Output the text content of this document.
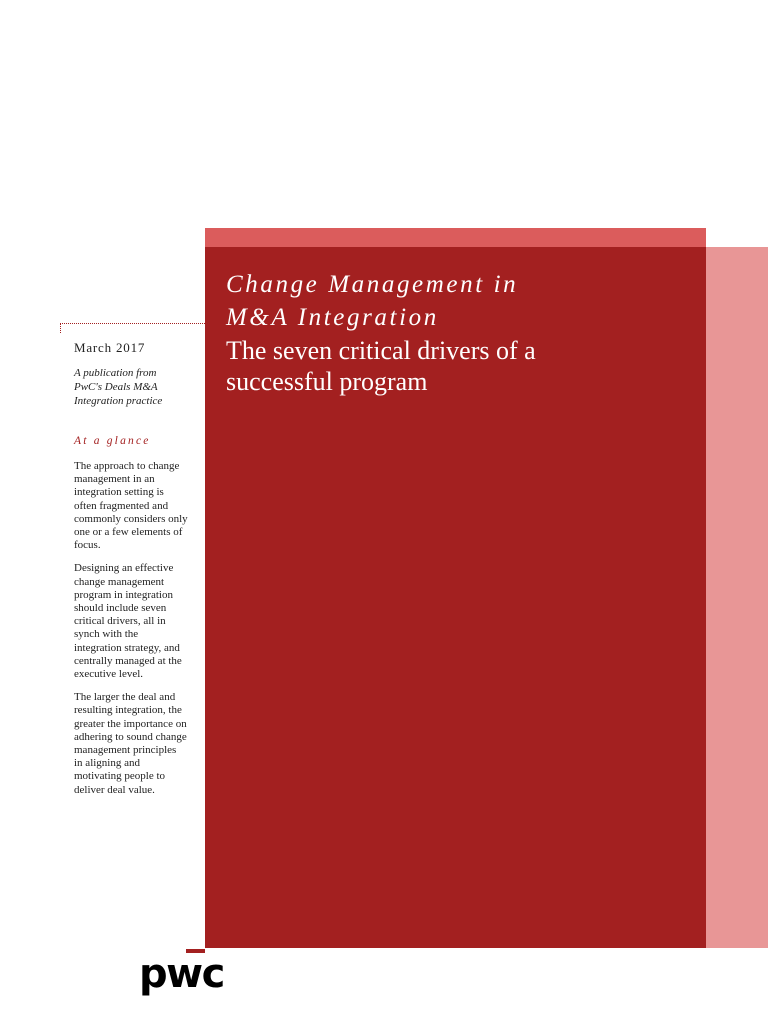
Change Management in
M&A Integration
The seven critical drivers of a
successful program

March 2017

A publication from
PwC's Deals M&A
Integration practice

At a glance

The approach to change
management in an
integration setting is
often fragmented and
commonly considers only
one or a few elements of
focus.

Designing an effective
change management
program in integration
should include seven
critical drivers, all in
synch with the
integration strategy, and
centrally managed at the
executive level.

The larger the deal and
resulting integration, the
greater the importance on
adhering to sound change
management principles
in aligning and
motivating people to
deliver deal value.

pwc
